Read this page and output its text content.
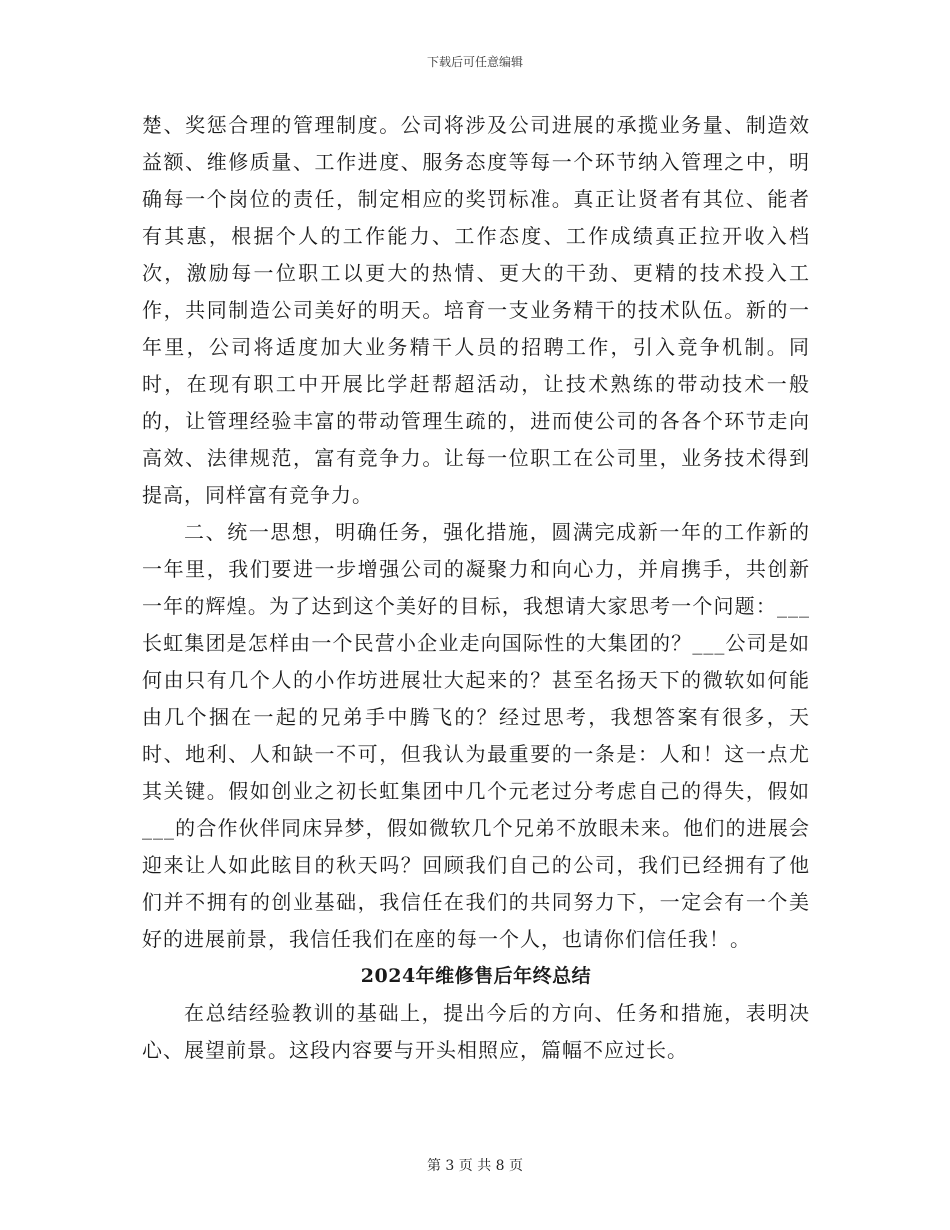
下载后可任意编辑

楚、奖惩合理的管理制度。公司将涉及公司进展的承揽业务量、制造效益额、维修质量、工作进度、服务态度等每一个环节纳入管理之中，明确每一个岗位的责任，制定相应的奖罚标准。真正让贤者有其位、能者有其惠，根据个人的工作能力、工作态度、工作成绩真正拉开收入档次，激励每一位职工以更大的热情、更大的干劲、更精的技术投入工作，共同制造公司美好的明天。培育一支业务精干的技术队伍。新的一年里，公司将适度加大业务精干人员的招聘工作，引入竞争机制。同时，在现有职工中开展比学赶帮超活动，让技术熟练的带动技术一般的，让管理经验丰富的带动管理生疏的，进而使公司的各各个环节走向高效、法律规范，富有竞争力。让每一位职工在公司里，业务技术得到提高，同样富有竞争力。

二、统一思想，明确任务，强化措施，圆满完成新一年的工作新的一年里，我们要进一步增强公司的凝聚力和向心力，并肩携手，共创新一年的辉煌。为了达到这个美好的目标，我想请大家思考一个问题：___长虹集团是怎样由一个民营小企业走向国际性的大集团的？___公司是如何由只有几个人的小作坊进展壮大起来的？甚至名扬天下的微软如何能由几个捆在一起的兄弟手中腾飞的？经过思考，我想答案有很多，天时、地利、人和缺一不可，但我认为最重要的一条是：人和！这一点尤其关键。假如创业之初长虹集团中几个元老过分考虑自己的得失，假如___的合作伙伴同床异梦，假如微软几个兄弟不放眼未来。他们的进展会迎来让人如此眩目的秋天吗？回顾我们自己的公司，我们已经拥有了他们并不拥有的创业基础，我信任在我们的共同努力下，一定会有一个美好的进展前景，我信任我们在座的每一个人，也请你们信任我！。

2024年维修售后年终总结

在总结经验教训的基础上，提出今后的方向、任务和措施，表明决心、展望前景。这段内容要与开头相照应，篇幅不应过长。

第 3 页 共 8 页
